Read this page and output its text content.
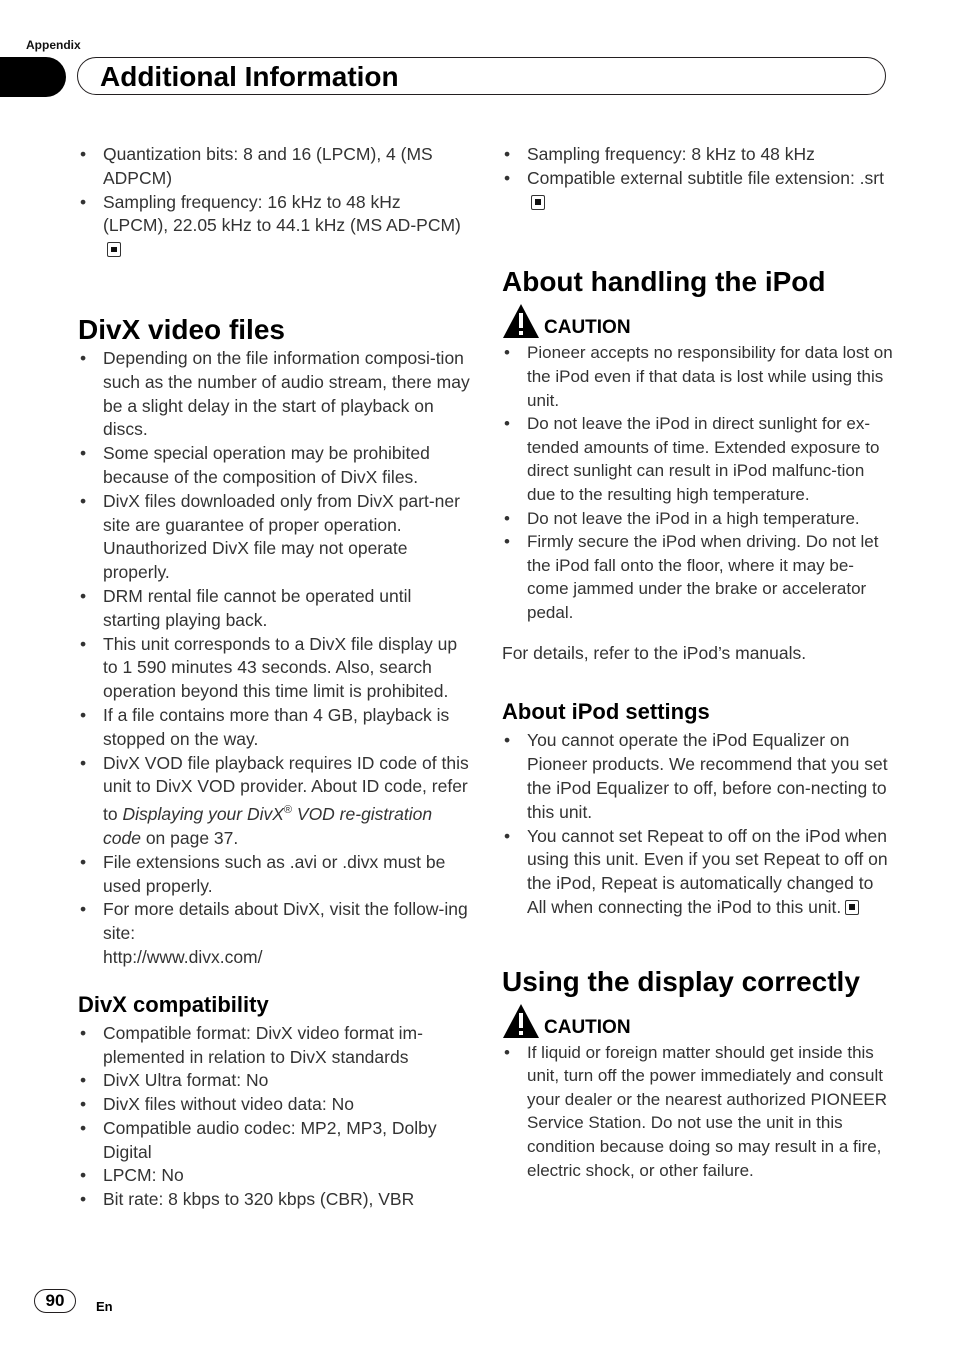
Appendix
Additional Information
• Quantization bits: 8 and 16 (LPCM), 4 (MS ADPCM)
• Sampling frequency: 16 kHz to 48 kHz (LPCM), 22.05 kHz to 44.1 kHz (MS AD-PCM)
DivX video files
• Depending on the file information composi-tion such as the number of audio stream, there may be a slight delay in the start of playback on discs.
• Some special operation may be prohibited because of the composition of DivX files.
• DivX files downloaded only from DivX part-ner site are guarantee of proper operation. Unauthorized DivX file may not operate properly.
• DRM rental file cannot be operated until starting playing back.
• This unit corresponds to a DivX file display up to 1 590 minutes 43 seconds. Also, search operation beyond this time limit is prohibited.
• If a file contains more than 4 GB, playback is stopped on the way.
• DivX VOD file playback requires ID code of this unit to DivX VOD provider. About ID code, refer to Displaying your DivX® VOD re-gistration code on page 37.
• File extensions such as .avi or .divx must be used properly.
• For more details about DivX, visit the follow-ing site:
http://www.divx.com/
DivX compatibility
• Compatible format: DivX video format im-plemented in relation to DivX standards
• DivX Ultra format: No
• DivX files without video data: No
• Compatible audio codec: MP2, MP3, Dolby Digital
• LPCM: No
• Bit rate: 8 kbps to 320 kbps (CBR), VBR
• Sampling frequency: 8 kHz to 48 kHz
• Compatible external subtitle file extension: .srt
About handling the iPod
CAUTION
• Pioneer accepts no responsibility for data lost on the iPod even if that data is lost while using this unit.
• Do not leave the iPod in direct sunlight for ex-tended amounts of time. Extended exposure to direct sunlight can result in iPod malfunc-tion due to the resulting high temperature.
• Do not leave the iPod in a high temperature.
• Firmly secure the iPod when driving. Do not let the iPod fall onto the floor, where it may be-come jammed under the brake or accelerator pedal.

For details, refer to the iPod’s manuals.

About iPod settings
• You cannot operate the iPod Equalizer on Pioneer products. We recommend that you set the iPod Equalizer to off, before con-necting to this unit.
• You cannot set Repeat to off on the iPod when using this unit. Even if you set Repeat to off on the iPod, Repeat is automatically changed to All when connecting the iPod to this unit.
Using the display correctly
CAUTION
• If liquid or foreign matter should get inside this unit, turn off the power immediately and consult your dealer or the nearest authorized PIONEER Service Station. Do not use the unit in this condition because doing so may result in a fire, electric shock, or other failure.
90	En
